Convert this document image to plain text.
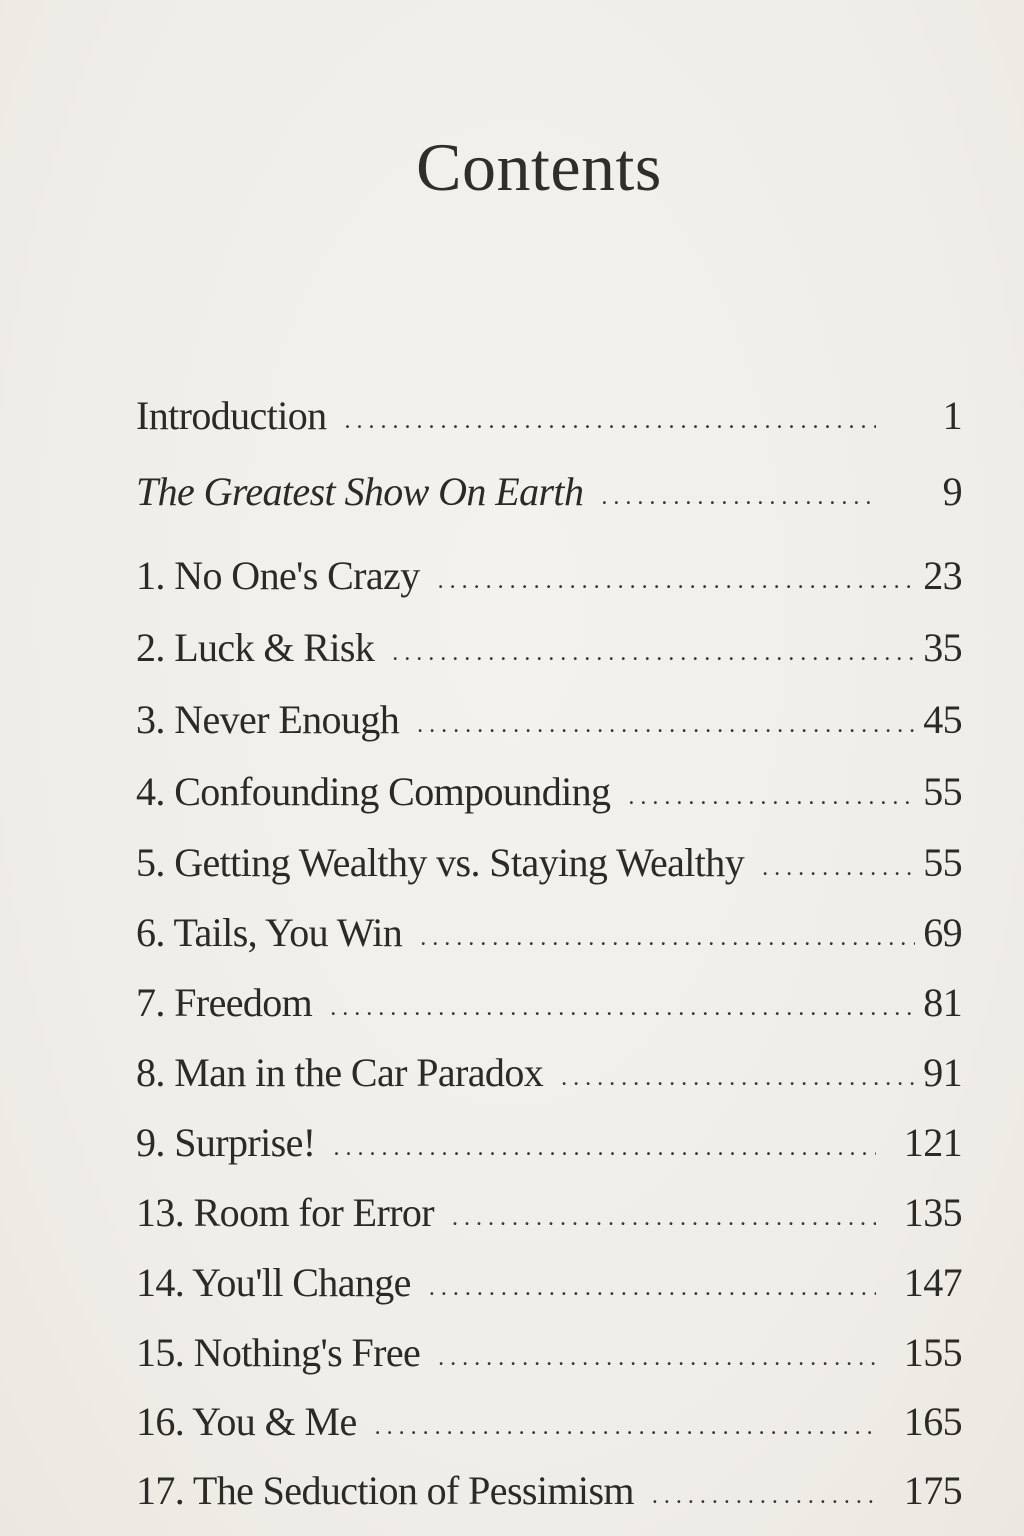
Contents
Introduction .....	1
The Greatest Show On Earth .....	9
1. No One's Crazy .....	23
2. Luck & Risk .....	35
3. Never Enough .....	45
4. Confounding Compounding .....	55
5. Getting Wealthy vs. Staying Wealthy .....	55
6. Tails, You Win .....	69
7. Freedom .....	81
8. Man in the Car Paradox .....	91
9. Surprise! .....	121
13. Room for Error .....	135
14. You'll Change .....	147
15. Nothing's Free .....	155
16. You & Me .....	165
17. The Seduction of Pessimism .....	175
